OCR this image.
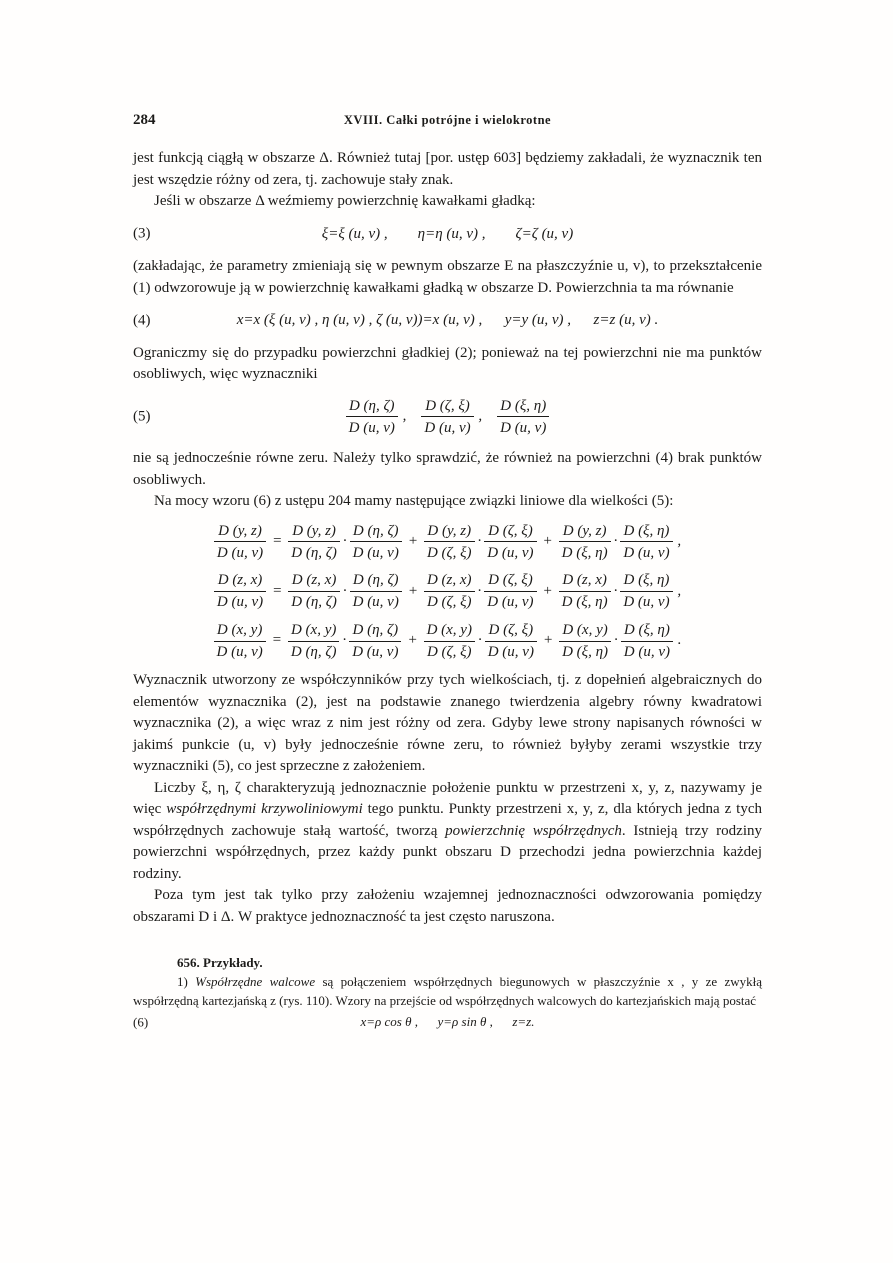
284	XVIII. Całki potrójne i wielokrotne

jest funkcją ciągłą w obszarze Δ. Również tutaj [por. ustęp 603] będziemy zakładali, że wyznacznik ten jest wszędzie różny od zera, tj. zachowuje stały znak.

Jeśli w obszarze Δ weźmiemy powierzchnię kawałkami gładką:

(3)	ξ=ξ (u, v) ,  η=η (u, v) ,  ζ=ζ (u, v)

(zakładając, że parametry zmieniają się w pewnym obszarze E na płaszczyźnie u, v), to przekształcenie (1) odwzorowuje ją w powierzchnię kawałkami gładką w obszarze D. Powierzchnia ta ma równanie

(4)	x=x (ξ (u, v) , η (u, v) , ζ (u, v))=x (u, v) ,  y=y (u, v) ,  z=z (u, v) .

Ograniczmy się do przypadku powierzchni gładkiej (2); ponieważ na tej powierzchni nie ma punktów osobliwych, więc wyznaczniki

(5)	$\frac{D (\eta, \zeta)}{D (u, v)}$ ,  $\frac{D (\zeta, \xi)}{D (u, v)}$ ,  $\frac{D (\xi, \eta)}{D (u, v)}$

nie są jednocześnie równe zeru. Należy tylko sprawdzić, że również na powierzchni (4) brak punktów osobliwych.

Na mocy wzoru (6) z ustępu 204 mamy następujące związki liniowe dla wielkości (5):

$\frac{D (y, z)}{D (u, v)} = \frac{D (y, z)}{D (\eta, \zeta)} \cdot \frac{D (\eta, \zeta)}{D (u, v)} + \frac{D (y, z)}{D (\zeta, \xi)} \cdot \frac{D (\zeta, \xi)}{D (u, v)} + \frac{D (y, z)}{D (\xi, \eta)} \cdot \frac{D (\xi, \eta)}{D (u, v)}$ ,
$\frac{D (z, x)}{D (u, v)} = \frac{D (z, x)}{D (\eta, \zeta)} \cdot \frac{D (\eta, \zeta)}{D (u, v)} + \frac{D (z, x)}{D (\zeta, \xi)} \cdot \frac{D (\zeta, \xi)}{D (u, v)} + \frac{D (z, x)}{D (\xi, \eta)} \cdot \frac{D (\xi, \eta)}{D (u, v)}$ ,
$\frac{D (x, y)}{D (u, v)} = \frac{D (x, y)}{D (\eta, \zeta)} \cdot \frac{D (\eta, \zeta)}{D (u, v)} + \frac{D (x, y)}{D (\zeta, \xi)} \cdot \frac{D (\zeta, \xi)}{D (u, v)} + \frac{D (x, y)}{D (\xi, \eta)} \cdot \frac{D (\xi, \eta)}{D (u, v)}$ .

Wyznacznik utworzony ze współczynników przy tych wielkościach, tj. z dopełnień algebraicznych do elementów wyznacznika (2), jest na podstawie znanego twierdzenia algebry równy kwadratowi wyznacznika (2), a więc wraz z nim jest różny od zera. Gdyby lewe strony napisanych równości w jakimś punkcie (u, v) były jednocześnie równe zeru, to również byłyby zerami wszystkie trzy wyznaczniki (5), co jest sprzeczne z założeniem.

Liczby ξ, η, ζ charakteryzują jednoznacznie położenie punktu w przestrzeni x, y, z, nazywamy je więc współrzędnymi krzywoliniowymi tego punktu. Punkty przestrzeni x, y, z, dla których jedna z tych współrzędnych zachowuje stałą wartość, tworzą powierzchnię współrzędnych. Istnieją trzy rodziny powierzchni współrzędnych, przez każdy punkt obszaru D przechodzi jedna powierzchnia każdej rodziny.

Poza tym jest tak tylko przy założeniu wzajemnej jednoznaczności odwzorowania pomiędzy obszarami D i Δ. W praktyce jednoznaczność ta jest często naruszona.

656. Przykłady.

1) Współrzędne walcowe są połączeniem współrzędnych biegunowych w płaszczyźnie x , y ze zwykłą współrzędną kartezjańską z (rys. 110). Wzory na przejście od współrzędnych walcowych do kartezjańskich mają postać

(6)	x=ρ cos θ ,  y=ρ sin θ ,  z=z.
